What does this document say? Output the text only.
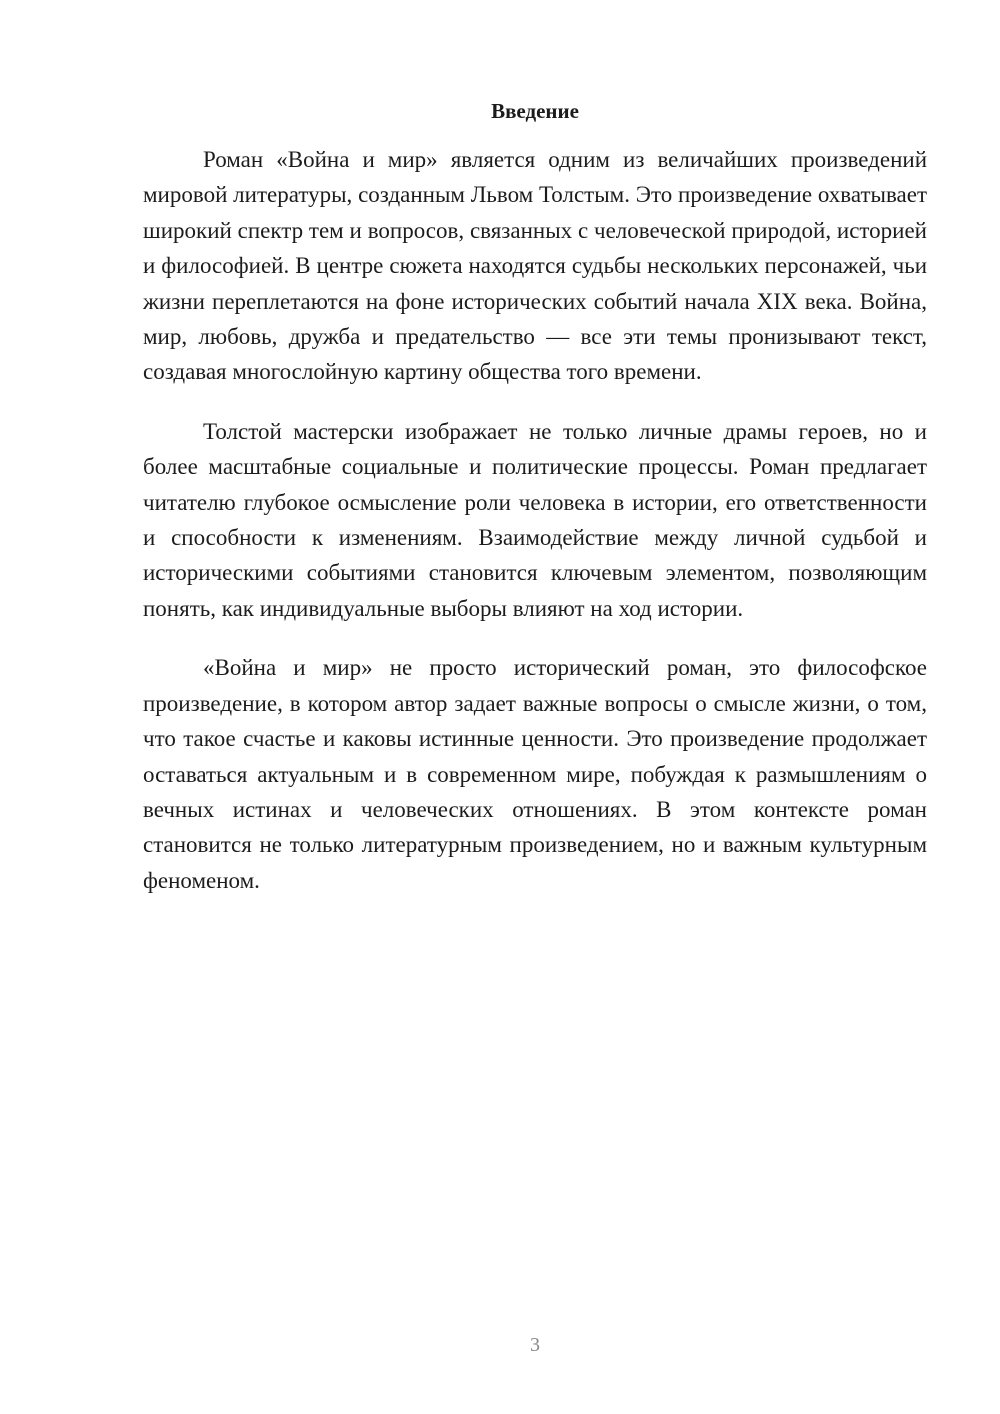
Введение

Роман «Война и мир» является одним из величайших произведений мировой литературы, созданным Львом Толстым. Это произведение охватывает широкий спектр тем и вопросов, связанных с человеческой природой, историей и философией. В центре сюжета находятся судьбы нескольких персонажей, чьи жизни переплетаются на фоне исторических событий начала XIX века. Война, мир, любовь, дружба и предательство — все эти темы пронизывают текст, создавая многослойную картину общества того времени.

Толстой мастерски изображает не только личные драмы героев, но и более масштабные социальные и политические процессы. Роман предлагает читателю глубокое осмысление роли человека в истории, его ответственности и способности к изменениям. Взаимодействие между личной судьбой и историческими событиями становится ключевым элементом, позволяющим понять, как индивидуальные выборы влияют на ход истории.

«Война и мир» не просто исторический роман, это философское произведение, в котором автор задает важные вопросы о смысле жизни, о том, что такое счастье и каковы истинные ценности. Это произведение продолжает оставаться актуальным и в современном мире, побуждая к размышлениям о вечных истинах и человеческих отношениях. В этом контексте роман становится не только литературным произведением, но и важным культурным феноменом.

3
